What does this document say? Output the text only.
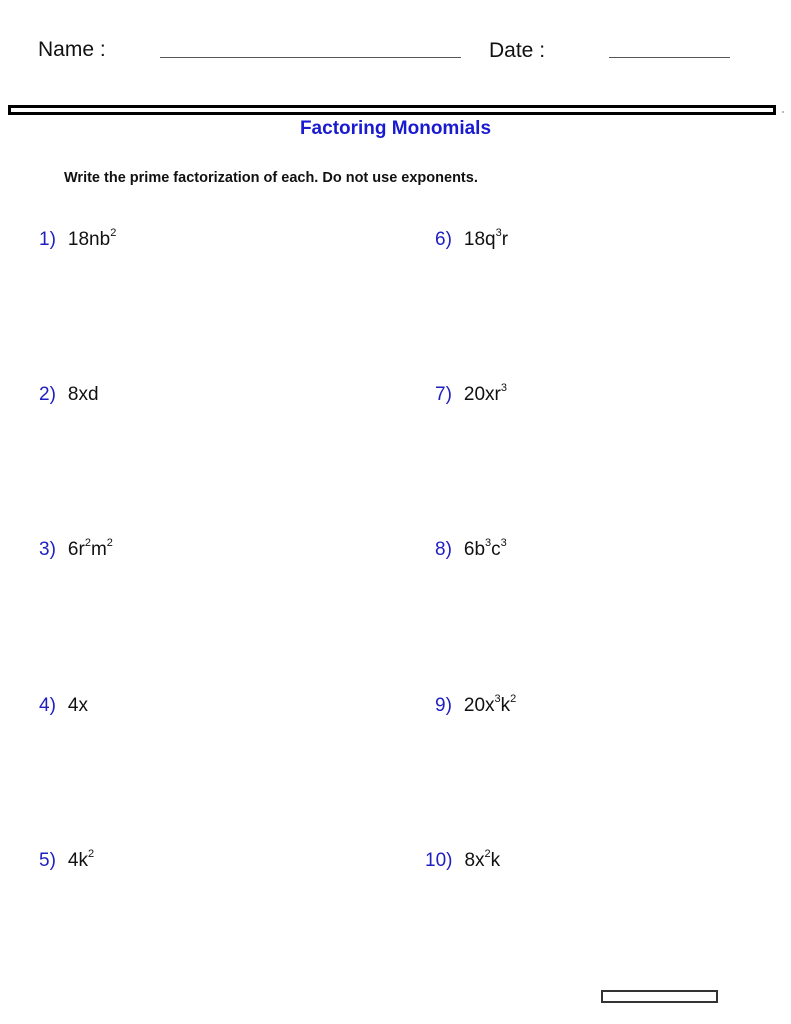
Name :	Date :
Factoring Monomials
Write the prime factorization of each. Do not use exponents.
1) $18nb^2$
2) 8xd
3) $6r^2m^2$
4) 4x
5) $4k^2$
6) $18q^3r$
7) $20xr^3$
8) $6b^3c^3$
9) $20x^3k^2$
10) $8x^2k$
